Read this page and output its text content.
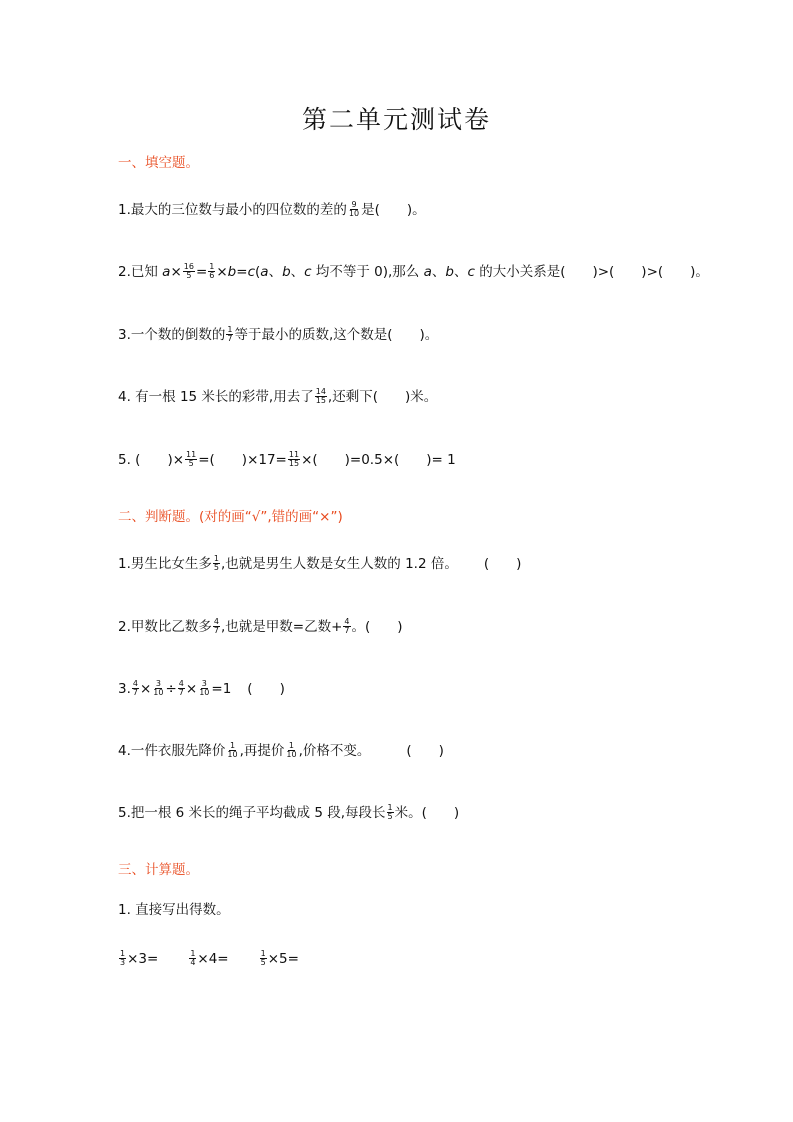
第二单元测试卷
一、填空题。
1.最大的三位数与最小的四位数的差的 $\frac{9}{10}$ 是(　　)。
2.已知 $a\times \frac{16}{5} = \frac{1}{6} \times b=c(a$、b、c 均不等于 0),那么 a、b、c 的大小关系是(　　)>(　　)>(　　)。
3.一个数的倒数的 $\frac{1}{7}$ 等于最小的质数,这个数是(　　)。
4. 有一根 15 米长的彩带,用去了 $\frac{14}{15}$ ,还剩下(　　)米。
5. (　　)× $\frac{11}{5}$ =(　　)$\times 17= \frac{11}{15}$ ×(　　)=0.5×(　　)= 1
二、判断题。(对的画“√”,错的画“×”)
1.男生比女生多 $\frac{1}{5}$ ,也就是男生人数是女生人数的 1.2 倍。 (　　)
2.甲数比乙数多 $\frac{4}{7}$ ,也就是甲数=乙数+ $\frac{4}{7}$ 。(　　)
3. $\frac{4}{7} \times \frac{3}{10} \div \frac{4}{7} \times \frac{3}{10} =1$ (　　)
4.一件衣服先降价 $\frac{1}{10}$ ,再提价 $\frac{1}{10}$ ,价格不变。	(　　)
5.把一根 6 米长的绳子平均截成 5 段,每段长 $\frac{1}{5}$ 米。(　　)
三、计算题。
1. 直接写出得数。
$\frac{1}{3} \times 3=$	$\frac{1}{4} \times 4=$	$\frac{1}{5} \times 5=$
